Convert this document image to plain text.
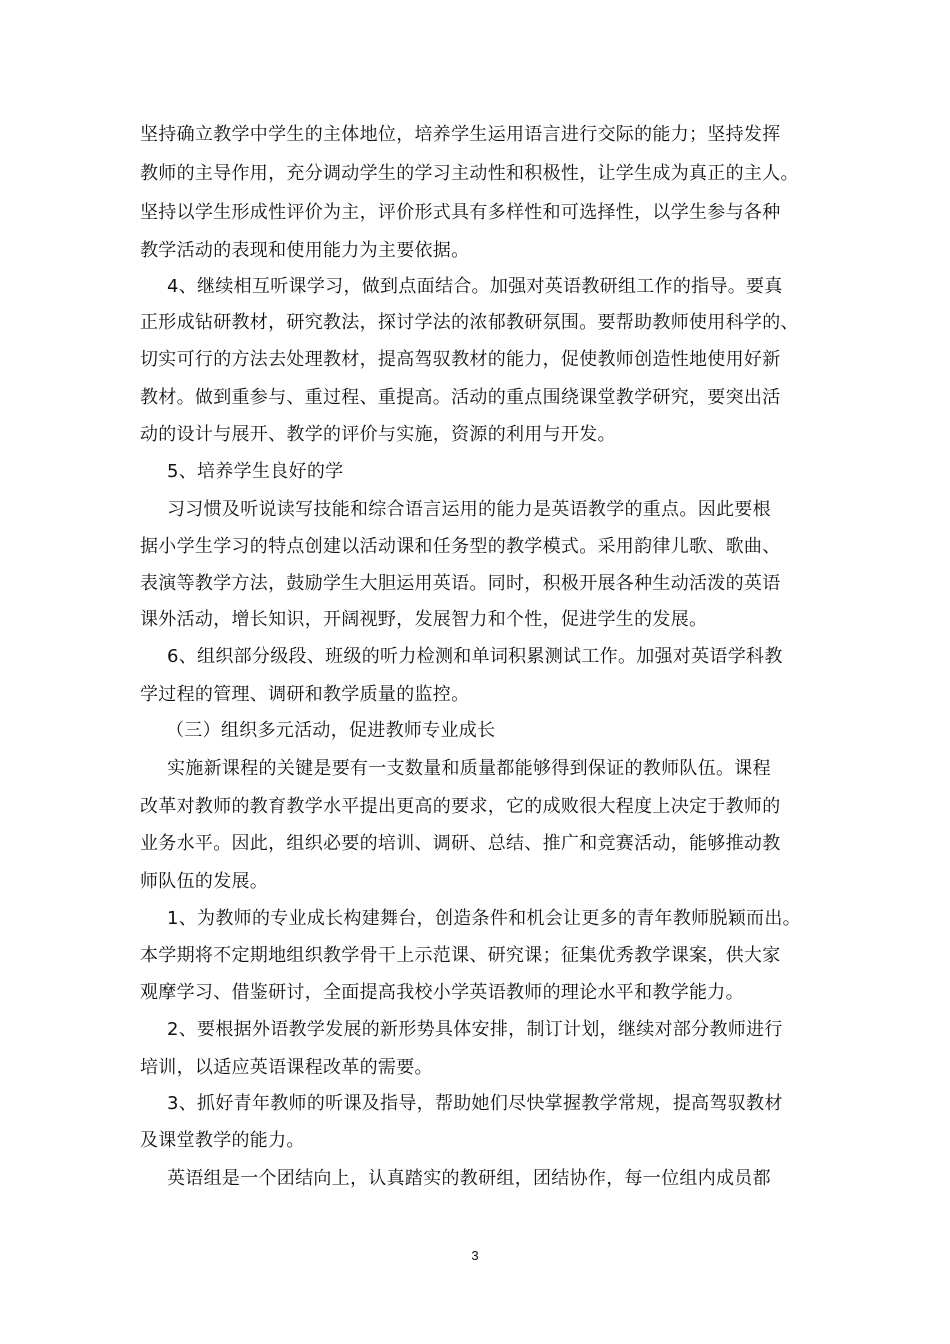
坚持确立教学中学生的主体地位，培养学生运用语言进行交际的能力；坚持发挥
教师的主导作用，充分调动学生的学习主动性和积极性，让学生成为真正的主人。
坚持以学生形成性评价为主，评价形式具有多样性和可选择性，以学生参与各种
教学活动的表现和使用能力为主要依据。
4、继续相互听课学习，做到点面结合。加强对英语教研组工作的指导。要真
正形成钻研教材，研究教法，探讨学法的浓郁教研氛围。要帮助教师使用科学的、
切实可行的方法去处理教材，提高驾驭教材的能力，促使教师创造性地使用好新
教材。做到重参与、重过程、重提高。活动的重点围绕课堂教学研究，要突出活
动的设计与展开、教学的评价与实施，资源的利用与开发。
5、培养学生良好的学
习习惯及听说读写技能和综合语言运用的能力是英语教学的重点。因此要根
据小学生学习的特点创建以活动课和任务型的教学模式。采用韵律儿歌、歌曲、
表演等教学方法，鼓励学生大胆运用英语。同时，积极开展各种生动活泼的英语
课外活动，增长知识，开阔视野，发展智力和个性，促进学生的发展。
6、组织部分级段、班级的听力检测和单词积累测试工作。加强对英语学科教
学过程的管理、调研和教学质量的监控。
（三）组织多元活动，促进教师专业成长
实施新课程的关键是要有一支数量和质量都能够得到保证的教师队伍。课程
改革对教师的教育教学水平提出更高的要求，它的成败很大程度上决定于教师的
业务水平。因此，组织必要的培训、调研、总结、推广和竞赛活动，能够推动教
师队伍的发展。
1、为教师的专业成长构建舞台，创造条件和机会让更多的青年教师脱颖而出。
本学期将不定期地组织教学骨干上示范课、研究课；征集优秀教学课案，供大家
观摩学习、借鉴研讨，全面提高我校小学英语教师的理论水平和教学能力。
2、要根据外语教学发展的新形势具体安排，制订计划，继续对部分教师进行
培训，以适应英语课程改革的需要。
3、抓好青年教师的听课及指导，帮助她们尽快掌握教学常规，提高驾驭教材
及课堂教学的能力。
英语组是一个团结向上，认真踏实的教研组，团结协作，每一位组内成员都
3
